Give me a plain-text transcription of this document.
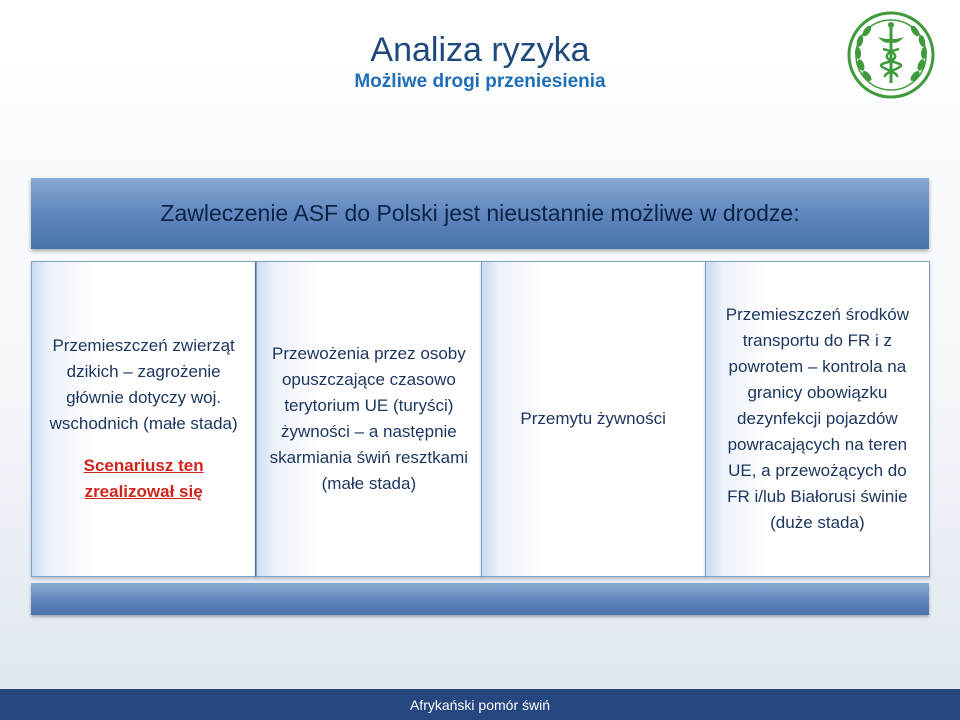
Analiza ryzyka
Możliwe drogi przeniesienia
Zawleczenie ASF do Polski jest nieustannie możliwe w drodze:
Przemieszczeń zwierząt dzikich – zagrożenie głównie dotyczy woj. wschodnich (małe stada)
Scenariusz ten zrealizował się
Przewożenia przez osoby opuszczające czasowo terytorium UE (turyści) żywności – a następnie skarmiania świń resztkami (małe stada)
Przemytu żywności
Przemieszczeń środków transportu do FR i z powrotem – kontrola na granicy obowiązku dezynfekcji pojazdów powracających na teren UE, a przewożących do FR i/lub Białorusi świnie (duże stada)
Afrykański pomór świń
